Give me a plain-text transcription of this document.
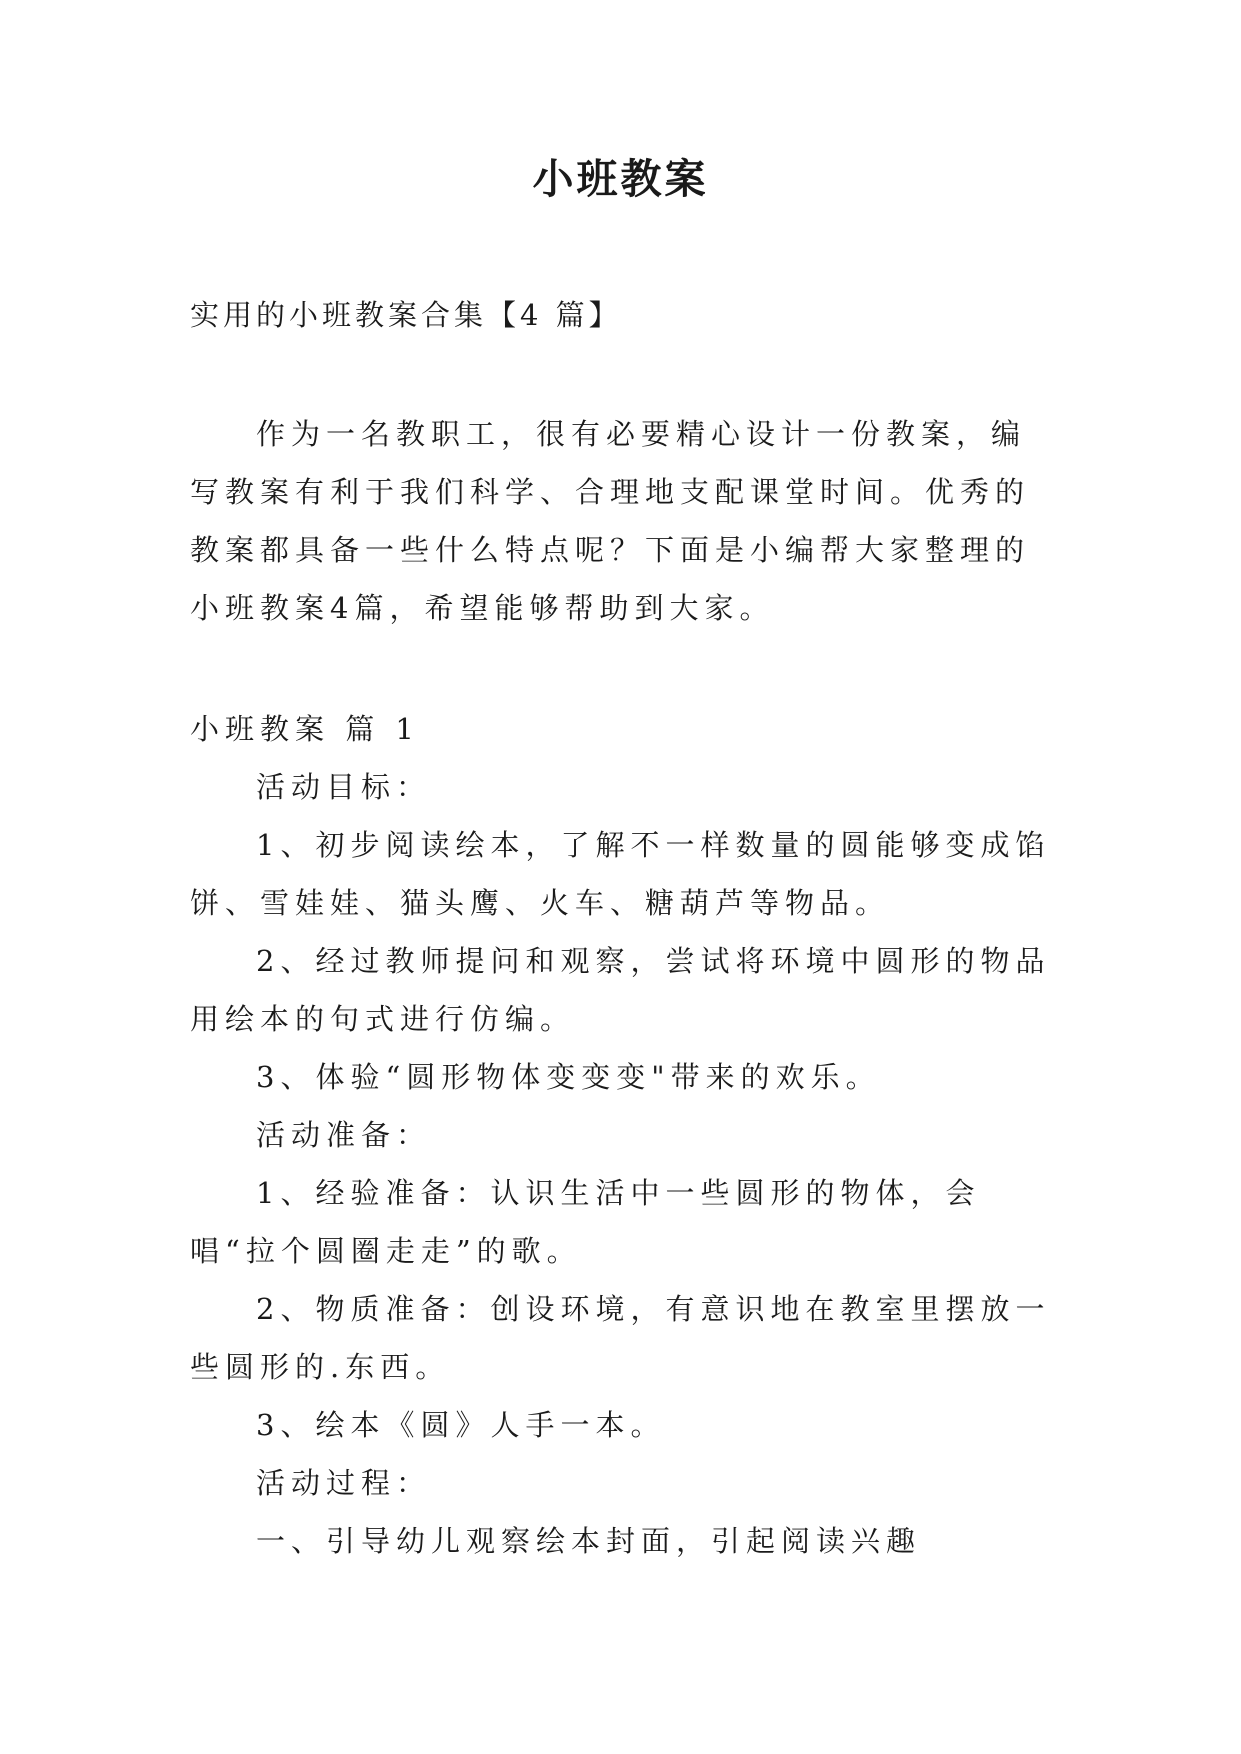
小班教案

实用的小班教案合集【4 篇】

作为一名教职工，很有必要精心设计一份教案，编写教案有利于我们科学、合理地支配课堂时间。优秀的教案都具备一些什么特点呢？下面是小编帮大家整理的小班教案4篇，希望能够帮助到大家。

小班教案 篇 1

活动目标：

1、初步阅读绘本，了解不一样数量的圆能够变成馅饼、雪娃娃、猫头鹰、火车、糖葫芦等物品。

2、经过教师提问和观察，尝试将环境中圆形的物品用绘本的句式进行仿编。

3、体验“圆形物体变变变"带来的欢乐。

活动准备：

1、经验准备：认识生活中一些圆形的物体，会唱“拉个圆圈走走”的歌。

2、物质准备：创设环境，有意识地在教室里摆放一些圆形的.东西。

3、绘本《圆》人手一本。

活动过程：

一、引导幼儿观察绘本封面，引起阅读兴趣
